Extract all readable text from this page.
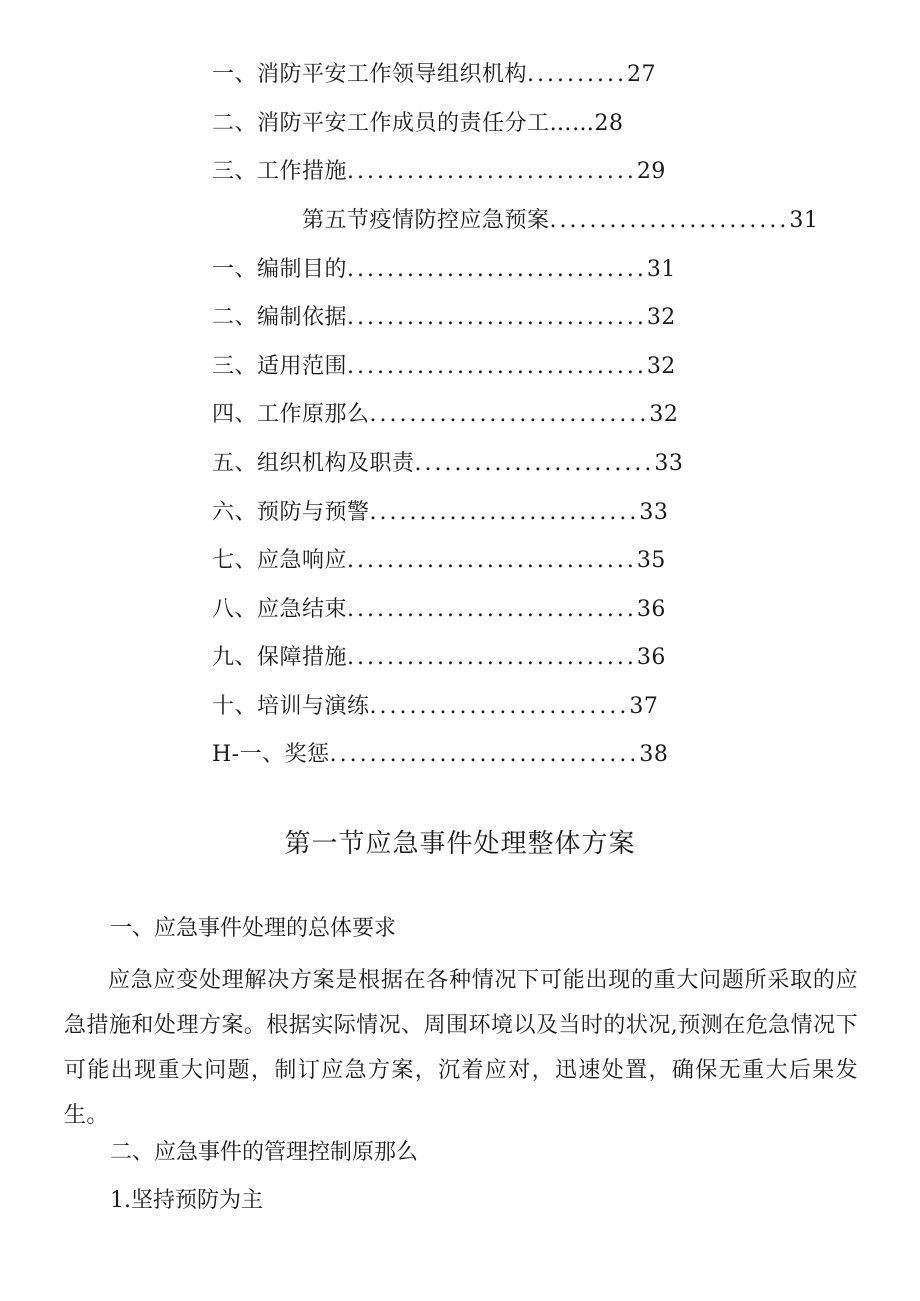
一、消防平安工作领导组织机构..........27
二、消防平安工作成员的责任分工……28
三、工作措施.............................29
第五节疫情防控应急预案........................31
一、编制目的..............................31
二、编制依据..............................32
三、适用范围..............................32
四、工作原那么............................32
五、组织机构及职责........................33
六、预防与预警...........................33
七、应急响应.............................35
八、应急结束.............................36
九、保障措施.............................36
十、培训与演练..........................37
H-一、奖惩...............................38
第一节应急事件处理整体方案
一、应急事件处理的总体要求
应急应变处理解决方案是根据在各种情况下可能出现的重大问题所采取的应急措施和处理方案。根据实际情况、周围环境以及当时的状况,预测在危急情况下可能出现重大问题，制订应急方案，沉着应对，迅速处置，确保无重大后果发生。
二、应急事件的管理控制原那么
1.坚持预防为主
